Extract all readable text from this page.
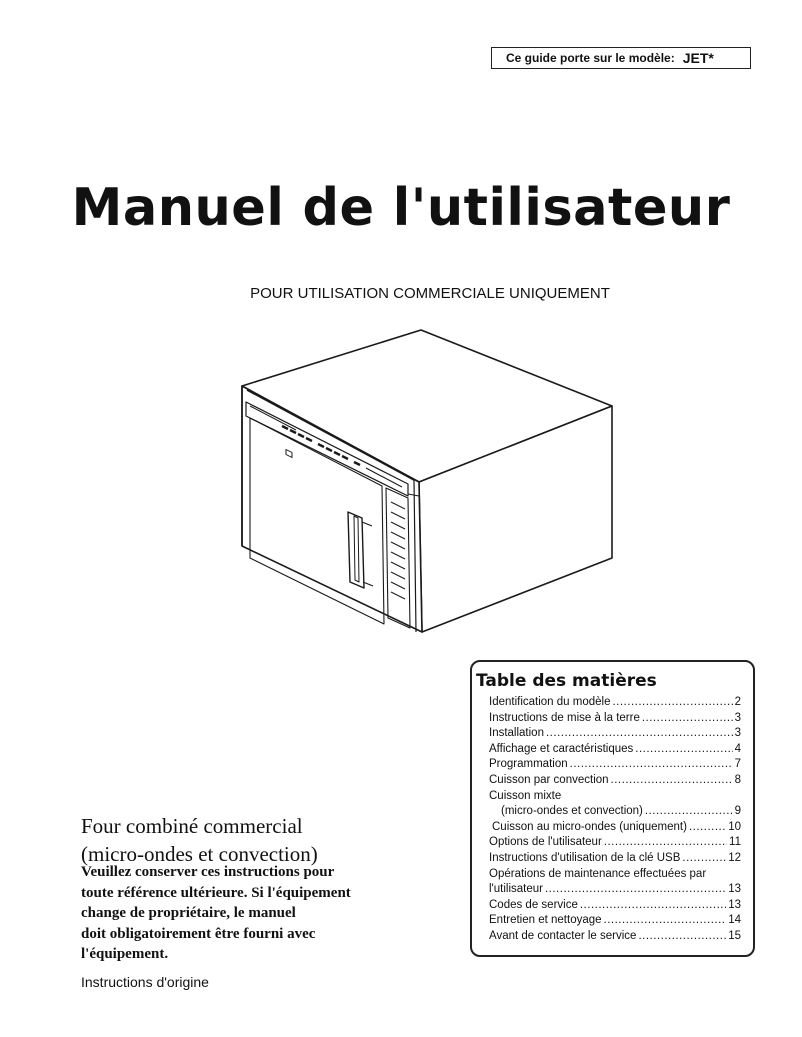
Ce guide porte sur le modèle: JET*
Manuel de l'utilisateur
POUR UTILISATION COMMERCIALE UNIQUEMENT
Table des matières
Identification du modèle .....	2
Instructions de mise à la terre .....	3
Installation .....	3
Affichage et caractéristiques .....	4
Programmation .....	7
Cuisson par convection .....	8
Cuisson mixte
(micro-ondes et convection) .....	9
Cuisson au micro-ondes (uniquement) .....	10
Options de l'utilisateur .....	11
Instructions d'utilisation de la clé USB .....	12
Opérations de maintenance effectuées par
l'utilisateur .....	13
Codes de service .....	13
Entretien et nettoyage .....	14
Avant de contacter le service .....	15
Four combiné commercial
(micro-ondes et convection)
Veuillez conserver ces instructions pour
toute référence ultérieure. Si l'équipement
change de propriétaire, le manuel
doit obligatoirement être fourni avec
l'équipement.
Instructions d'origine
